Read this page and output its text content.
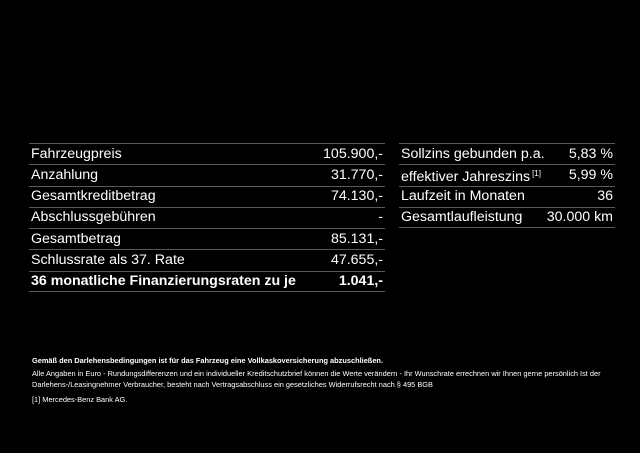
Fahrzeugpreis	105.900,-
Anzahlung	31.770,-
Gesamtkreditbetrag	74.130,-
Abschlussgebühren	-
Gesamtbetrag	85.131,-
Schlussrate als 37. Rate	47.655,-
36 monatliche Finanzierungsraten zu je	1.041,-
Sollzins gebunden p.a. 5,83 %
effektiver Jahreszins [1] 5,99 %
Laufzeit in Monaten	36
Gesamtlaufleistung 30.000 km
Gemäß den Darlehensbedingungen ist für das Fahrzeug eine Vollkaskoversicherung abzuschließen.
Alle Angaben in Euro - Rundungsdifferenzen und ein individueller Kreditschutzbrief können die Werte verändern - Ihr Wunschrate errechnen wir Ihnen gerne persönlich Ist der Darlehens-/Leasingnehmer Verbraucher, besteht nach Vertragsabschluss ein gesetzliches Widerrufsrecht nach § 495 BGB
[1] Mercedes-Benz Bank AG.
